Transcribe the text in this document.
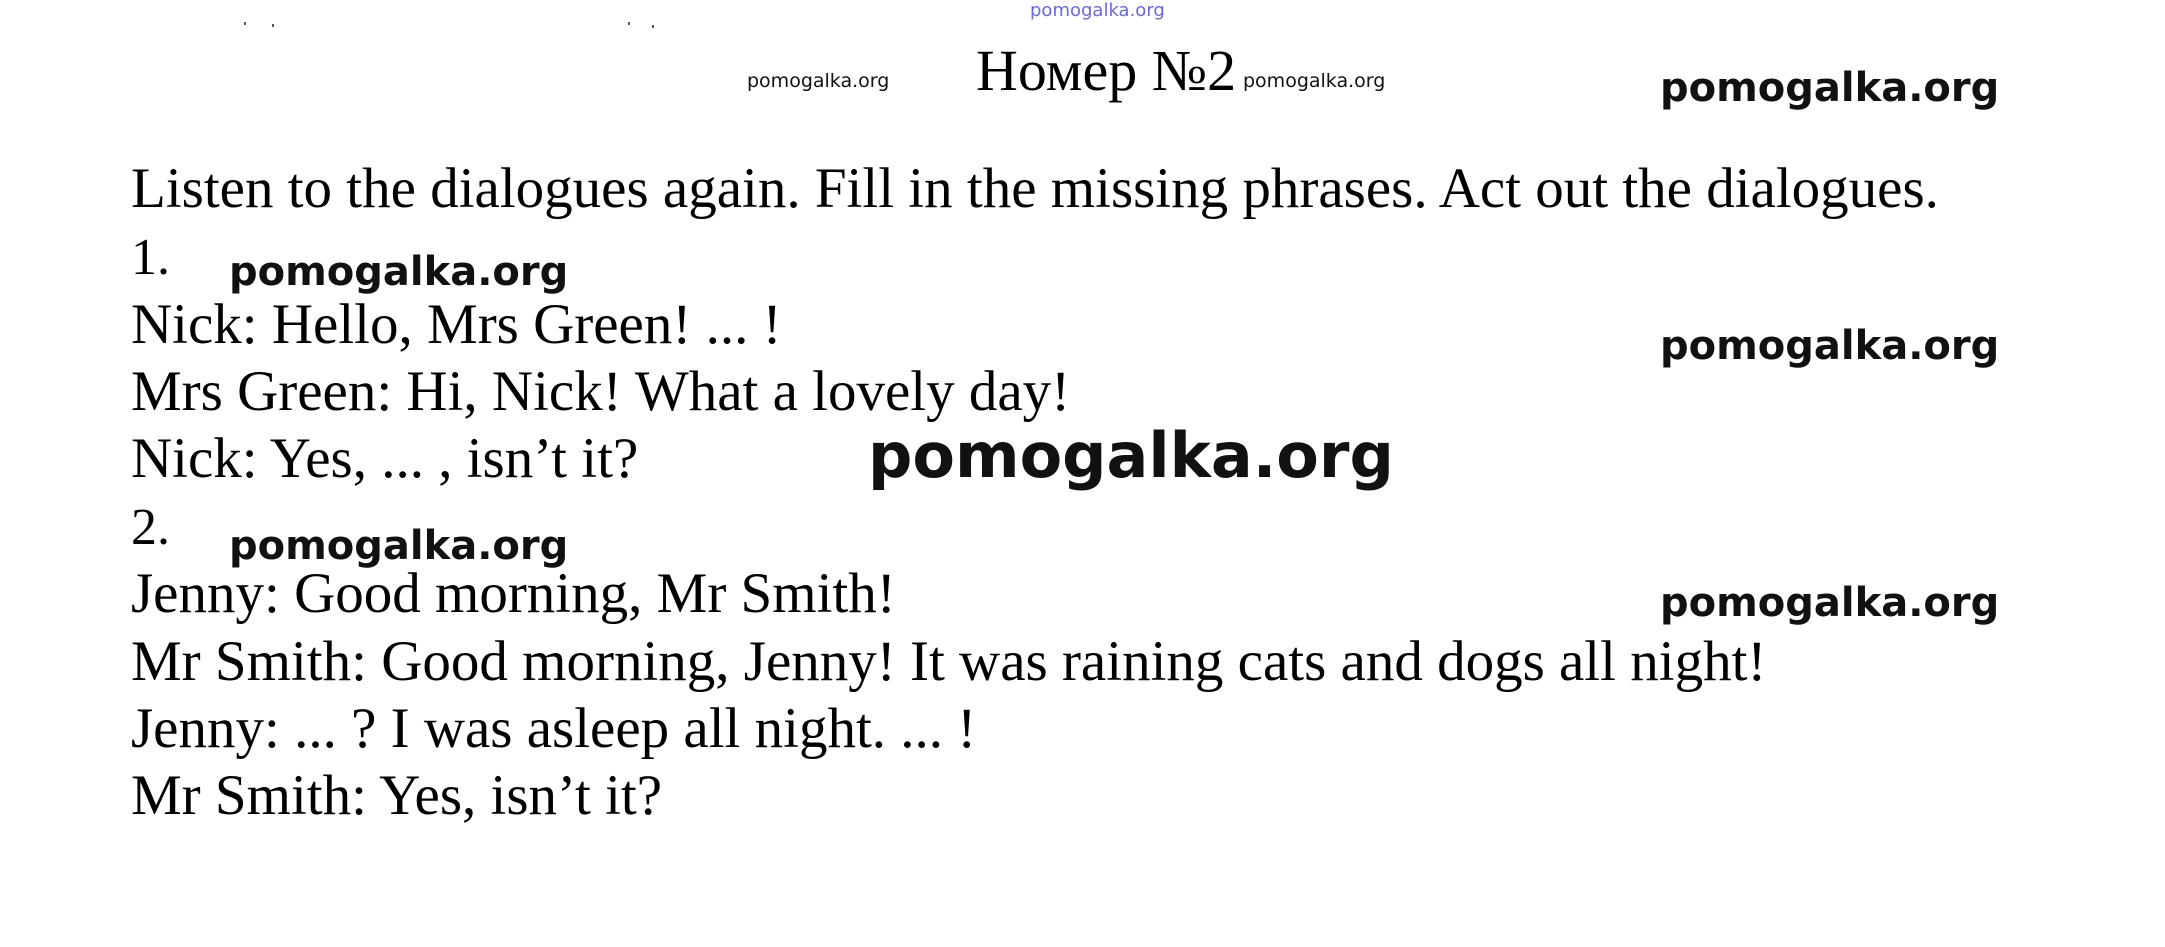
pomogalka.org
Номер №2
pomogalka.org	pomogalka.org	pomogalka.org
Listen to the dialogues again. Fill in the missing phrases. Act out the dialogues.
1. pomogalka.org
Nick: Hello, Mrs Green! ... !	pomogalka.org
Mrs Green: Hi, Nick! What a lovely day!
Nick: Yes, ... , isn’t it?	pomogalka.org
2. pomogalka.org
Jenny: Good morning, Mr Smith!	pomogalka.org
Mr Smith: Good morning, Jenny! It was raining cats and dogs all night!
Jenny: ... ? I was asleep all night. ... !
Mr Smith: Yes, isn’t it?
